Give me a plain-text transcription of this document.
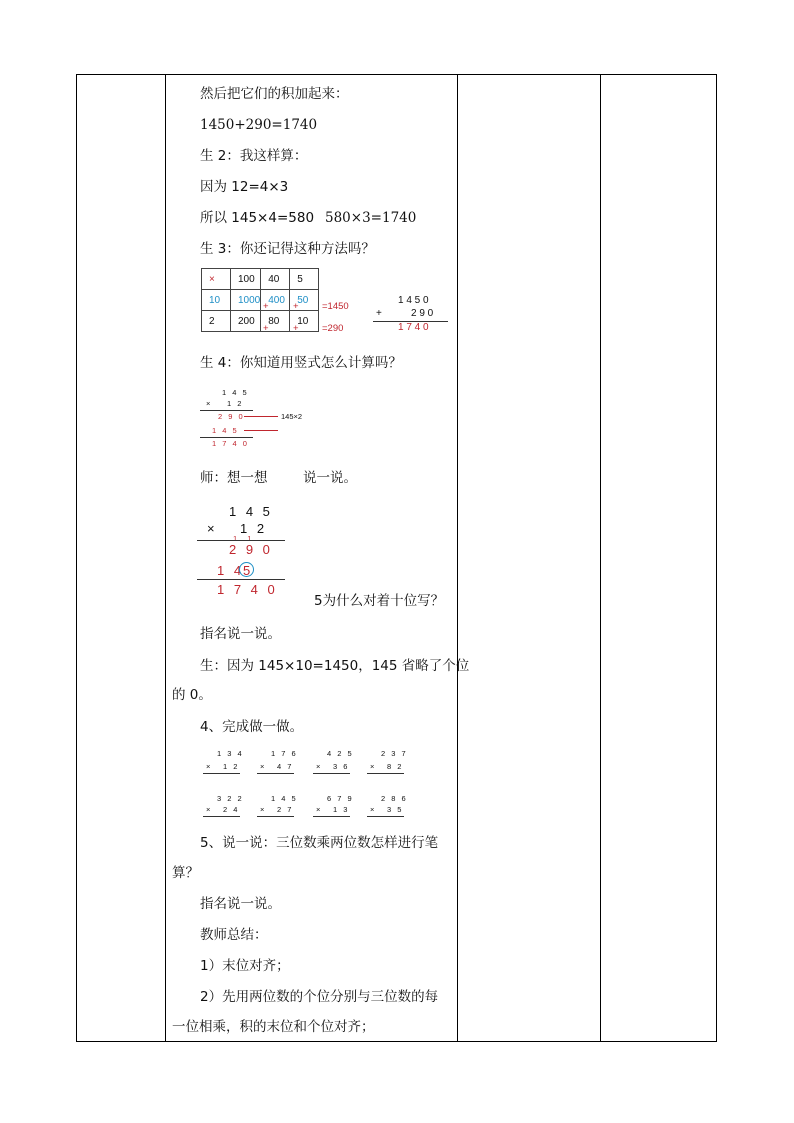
然后把它们的积加起来：
1450+290=1740
生 2：我这样算：
因为 12=4×3
所以 145×4=580 580×3=1740
生 3：你还记得这种方法吗？
×	100	40	5
10	1000	400	50
2	200	80	10
+ +
+ +
=1450
=290
1 4 5 0
+	2 9 0
1 7 4 0
生 4：你知道用竖式怎么计算吗？
1 4 5
× 1 2
2 9 0	145×2
1 4 5
1 7 4 0
师：想一想	说一说。
1 4 5
× 1 2
1 1
2 9 0
1 4
5
1 7 4 0
5为什么对着十位写？
指名说一说。
生：因为 145×10=1450，145 省略了个位
的 0。
4、完成做一做。
1 3 4
× 1 2
1 7 6
× 4 7
4 2 5
× 3 6
2 3 7
× 8 2
3 2 2
× 2 4
1 4 5
× 2 7
6 7 9
× 1 3
2 8 6
× 3 5
5、说一说：三位数乘两位数怎样进行笔
算？
指名说一说。
教师总结：
1）末位对齐；
2）先用两位数的个位分别与三位数的每
一位相乘，积的末位和个位对齐；
